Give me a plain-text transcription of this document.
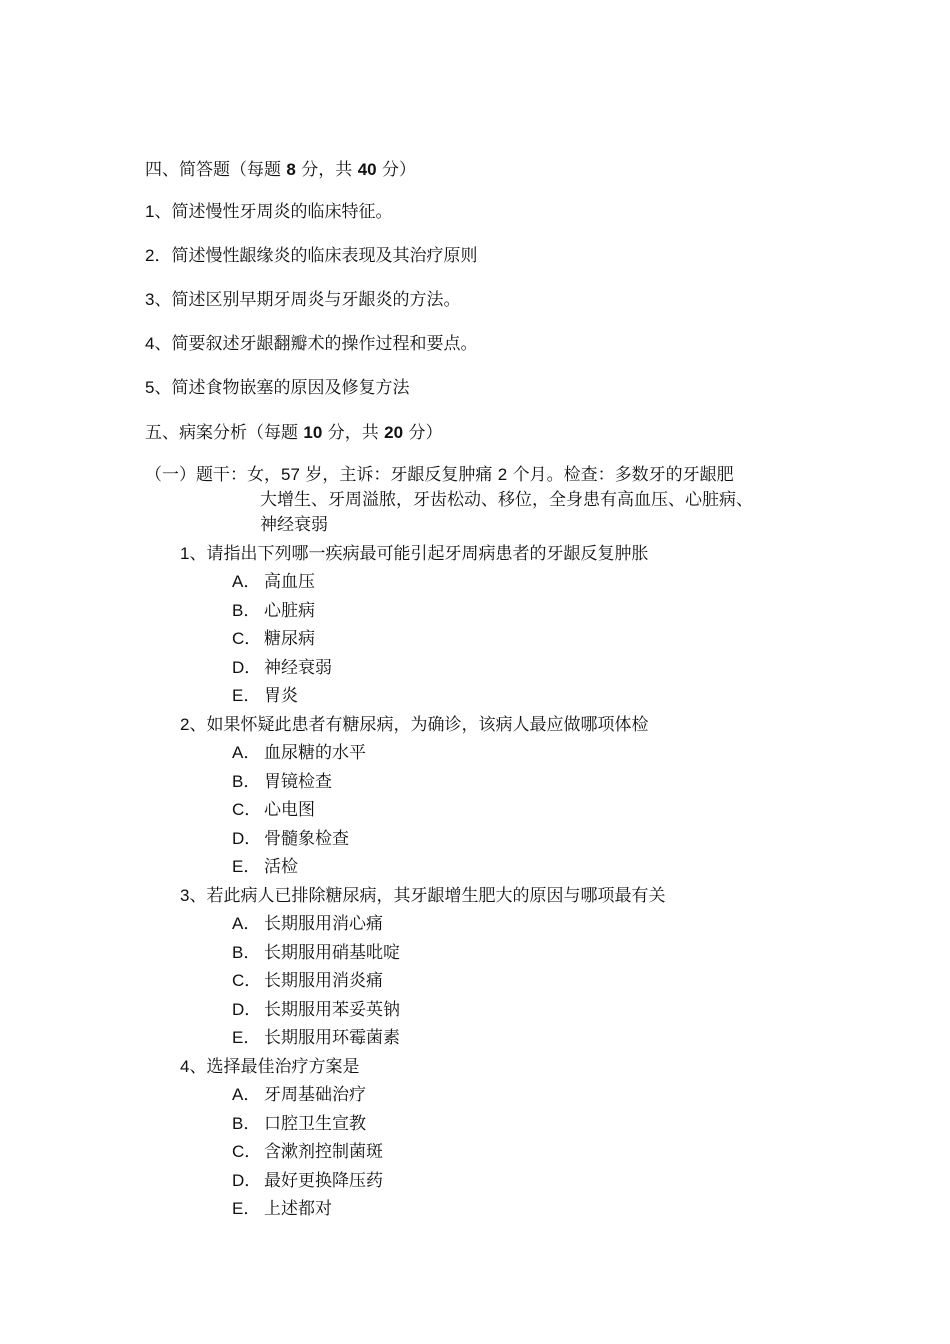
四、简答题（每题 8 分，共 40 分）
1、简述慢性牙周炎的临床特征。
2．简述慢性龈缘炎的临床表现及其治疗原则
3、简述区别早期牙周炎与牙龈炎的方法。
4、简要叙述牙龈翻瓣术的操作过程和要点。
5、简述食物嵌塞的原因及修复方法
五、病案分析（每题 10 分，共 20 分）
（一）题干：女，57 岁，主诉：牙龈反复肿痛 2 个月。检查：多数牙的牙龈肥
大增生、牙周溢脓，牙齿松动、移位，全身患有高血压、心脏病、
神经衰弱
1、请指出下列哪一疾病最可能引起牙周病患者的牙龈反复肿胀
A． 高血压
B． 心脏病
C． 糖尿病
D． 神经衰弱
E． 胃炎
2、如果怀疑此患者有糖尿病，为确诊，该病人最应做哪项体检
A． 血尿糖的水平
B． 胃镜检查
C． 心电图
D． 骨髓象检查
E． 活检
3、若此病人已排除糖尿病，其牙龈增生肥大的原因与哪项最有关
A． 长期服用消心痛
B． 长期服用硝基吡啶
C． 长期服用消炎痛
D． 长期服用苯妥英钠
E． 长期服用环霉菌素
4、选择最佳治疗方案是
A． 牙周基础治疗
B． 口腔卫生宣教
C． 含漱剂控制菌斑
D． 最好更换降压药
E． 上述都对
